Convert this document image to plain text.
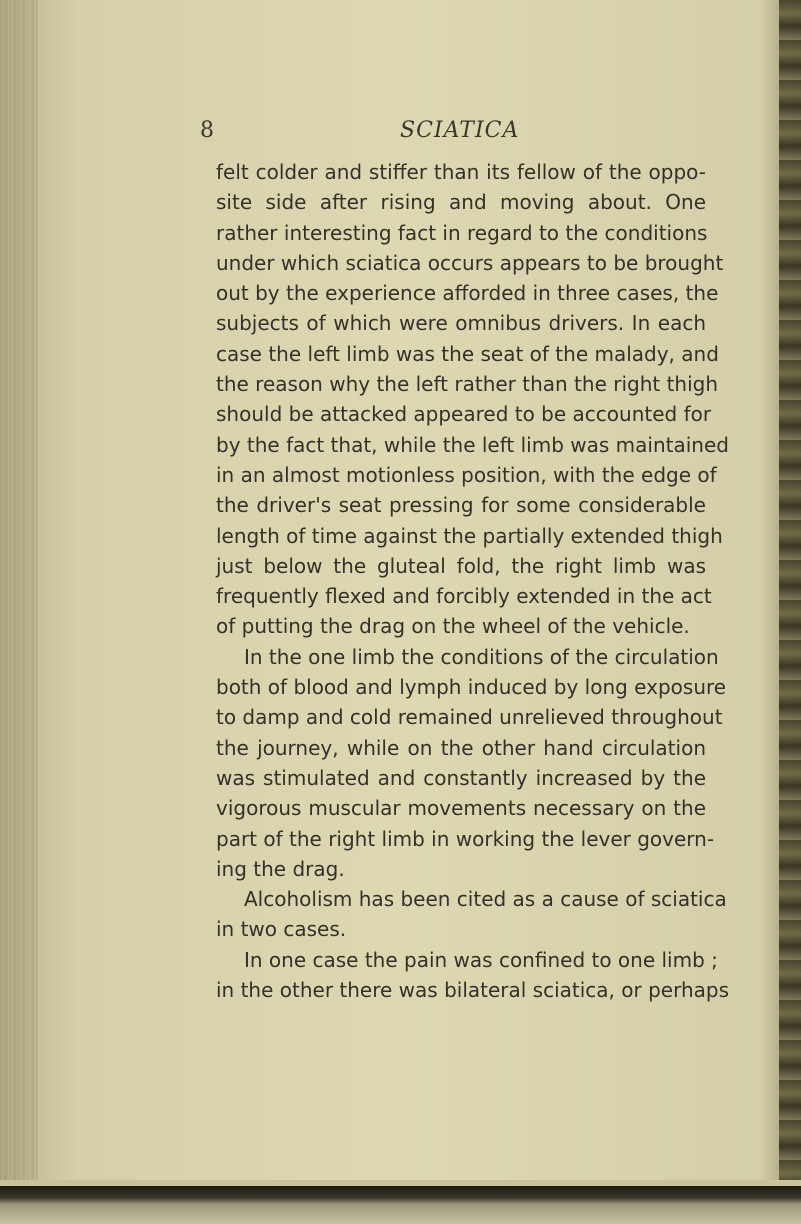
8	SCIATICA
felt colder and stiffer than its fellow of the oppo-
site side after rising and moving about. One
rather interesting fact in regard to the conditions
under which sciatica occurs appears to be brought
out by the experience afforded in three cases, the
subjects of which were omnibus drivers. In each
case the left limb was the seat of the malady, and
the reason why the left rather than the right thigh
should be attacked appeared to be accounted for
by the fact that, while the left limb was maintained
in an almost motionless position, with the edge of
the driver's seat pressing for some considerable
length of time against the partially extended thigh
just below the gluteal fold, the right limb was
frequently flexed and forcibly extended in the act
of putting the drag on the wheel of the vehicle.
In the one limb the conditions of the circulation
both of blood and lymph induced by long exposure
to damp and cold remained unrelieved throughout
the journey, while on the other hand circulation
was stimulated and constantly increased by the
vigorous muscular movements necessary on the
part of the right limb in working the lever govern-
ing the drag.
Alcoholism has been cited as a cause of sciatica
in two cases.
In one case the pain was confined to one limb ;
in the other there was bilateral sciatica, or perhaps
